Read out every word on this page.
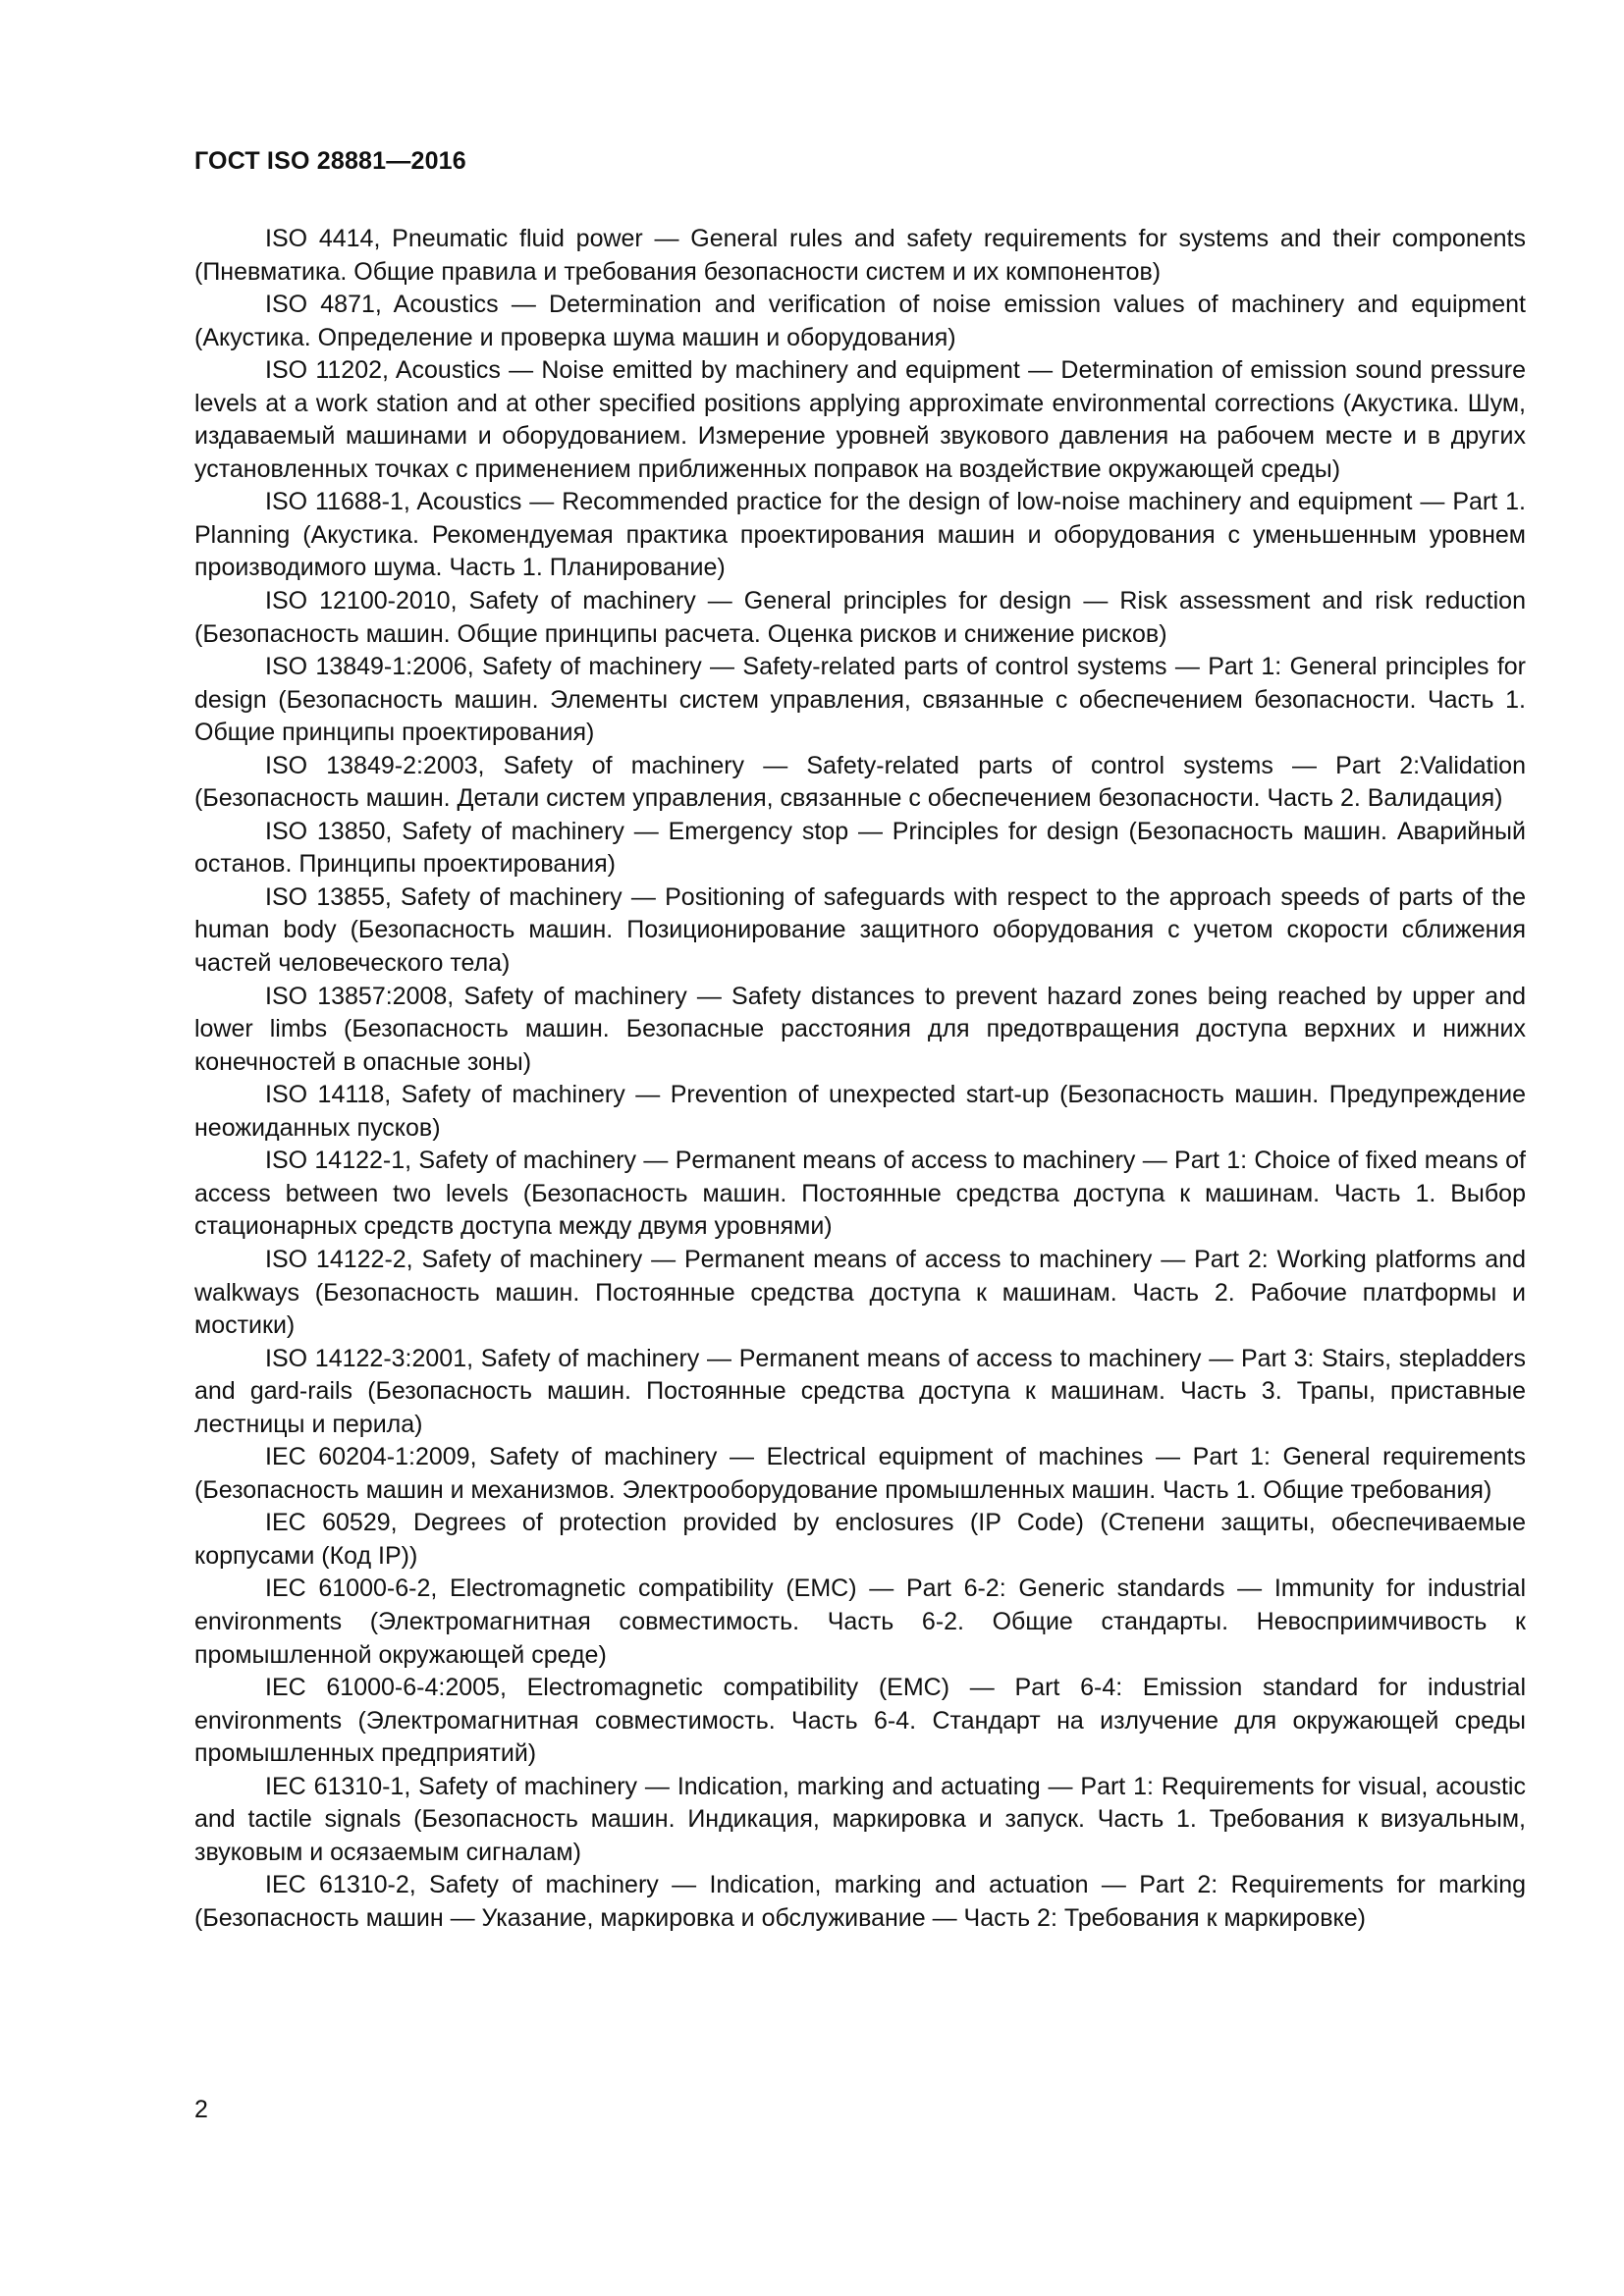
ГОСТ ISO 28881—2016

ISO 4414, Pneumatic fluid power — General rules and safety requirements for systems and their components (Пневматика. Общие правила и требования безопасности систем и их компонентов)

ISO 4871, Acoustics — Determination and verification of noise emission values of machinery and equipment (Акустика. Определение и проверка шума машин и оборудования)

ISO 11202, Acoustics — Noise emitted by machinery and equipment — Determination of emission sound pressure levels at a work station and at other specified positions applying approximate environmental corrections (Акустика. Шум, издаваемый машинами и оборудованием. Измерение уровней звукового давления на рабочем месте и в других установленных точках с применением приближенных поправок на воздействие окружающей среды)

ISO 11688-1, Acoustics — Recommended practice for the design of low-noise machinery and equipment — Part 1. Planning (Акустика. Рекомендуемая практика проектирования машин и оборудования с уменьшенным уровнем производимого шума. Часть 1. Планирование)

ISO 12100-2010, Safety of machinery — General principles for design — Risk assessment and risk reduction (Безопасность машин. Общие принципы расчета. Оценка рисков и снижение рисков)

ISO 13849-1:2006, Safety of machinery — Safety-related parts of control systems — Part 1: General principles for design (Безопасность машин. Элементы систем управления, связанные с обеспечением безопасности. Часть 1. Общие принципы проектирования)

ISO 13849-2:2003, Safety of machinery — Safety-related parts of control systems — Part 2:Validation (Безопасность машин. Детали систем управления, связанные с обеспечением безопасности. Часть 2. Валидация)

ISO 13850, Safety of machinery — Emergency stop — Principles for design (Безопасность машин. Аварийный останов. Принципы проектирования)

ISO 13855, Safety of machinery — Positioning of safeguards with respect to the approach speeds of parts of the human body (Безопасность машин. Позиционирование защитного оборудования с учетом скорости сближения частей человеческого тела)

ISO 13857:2008, Safety of machinery — Safety distances to prevent hazard zones being reached by upper and lower limbs (Безопасность машин. Безопасные расстояния для предотвращения доступа верхних и нижних конечностей в опасные зоны)

ISO 14118, Safety of machinery — Prevention of unexpected start-up (Безопасность машин. Предупреждение неожиданных пусков)

ISO 14122-1, Safety of machinery — Permanent means of access to machinery — Part 1: Choice of fixed means of access between two levels (Безопасность машин. Постоянные средства доступа к машинам. Часть 1. Выбор стационарных средств доступа между двумя уровнями)

ISO 14122-2, Safety of machinery — Permanent means of access to machinery — Part 2: Working platforms and walkways (Безопасность машин. Постоянные средства доступа к машинам. Часть 2. Рабочие платформы и мостики)

ISO 14122-3:2001, Safety of machinery — Permanent means of access to machinery — Part 3: Stairs, stepladders and gard-rails (Безопасность машин. Постоянные средства доступа к машинам. Часть 3. Трапы, приставные лестницы и перила)

IEC 60204-1:2009, Safety of machinery — Electrical equipment of machines — Part 1: General requirements (Безопасность машин и механизмов. Электрооборудование промышленных машин. Часть 1. Общие требования)

IEC 60529, Degrees of protection provided by enclosures (IP Code) (Степени защиты, обеспечиваемые корпусами (Код IP))

IEC 61000-6-2, Electromagnetic compatibility (EMC) — Part 6-2: Generic standards — Immunity for industrial environments (Электромагнитная совместимость. Часть 6-2. Общие стандарты. Невосприимчивость к промышленной окружающей среде)

IEC 61000-6-4:2005, Electromagnetic compatibility (EMC) — Part 6-4: Emission standard for industrial environments (Электромагнитная совместимость. Часть 6-4. Стандарт на излучение для окружающей среды промышленных предприятий)

IEC 61310-1, Safety of machinery — Indication, marking and actuating — Part 1: Requirements for visual, acoustic and tactile signals (Безопасность машин. Индикация, маркировка и запуск. Часть 1. Требования к визуальным, звуковым и осязаемым сигналам)

IEC 61310-2, Safety of machinery — Indication, marking and actuation — Part 2: Requirements for marking (Безопасность машин — Указание, маркировка и обслуживание — Часть 2: Требования к маркировке)

2
